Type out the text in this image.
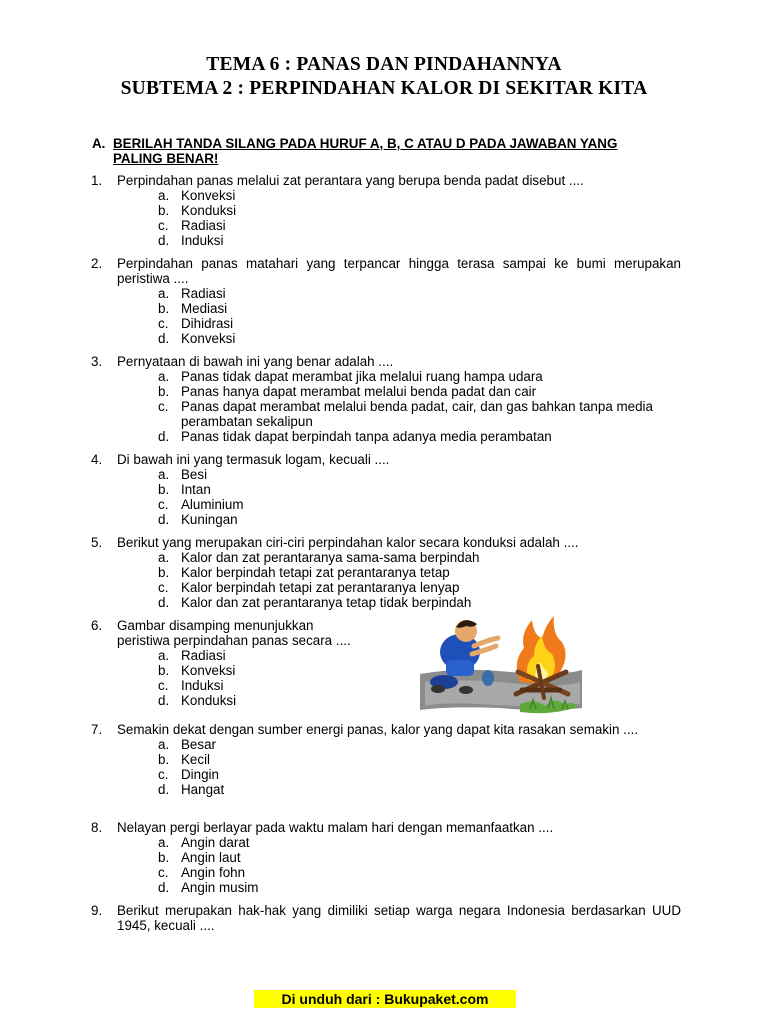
TEMA 6 : PANAS DAN PINDAHANNYA
SUBTEMA 2 : PERPINDAHAN KALOR DI SEKITAR KITA
A. BERILAH TANDA SILANG PADA HURUF A, B, C ATAU D PADA JAWABAN YANG PALING BENAR!
1. Perpindahan panas melalui zat perantara yang berupa benda padat disebut ....
a. Konveksi
b. Konduksi
c. Radiasi
d. Induksi
2. Perpindahan panas matahari yang terpancar hingga terasa sampai ke bumi merupakan peristiwa ....
a. Radiasi
b. Mediasi
c. Dihidrasi
d. Konveksi
3. Pernyataan di bawah ini yang benar adalah ....
a. Panas tidak dapat merambat jika melalui ruang hampa udara
b. Panas hanya dapat merambat melalui benda padat dan cair
c. Panas dapat merambat melalui benda padat, cair, dan gas bahkan tanpa media perambatan sekalipun
d. Panas tidak dapat berpindah tanpa adanya media perambatan
4. Di bawah ini yang termasuk logam, kecuali ....
a. Besi
b. Intan
c. Aluminium
d. Kuningan
5. Berikut yang merupakan ciri-ciri perpindahan kalor secara konduksi adalah ....
a. Kalor dan zat perantaranya sama-sama berpindah
b. Kalor berpindah tetapi zat perantaranya tetap
c. Kalor berpindah tetapi zat perantaranya lenyap
d. Kalor dan zat perantaranya tetap tidak berpindah
6. Gambar disamping menunjukkan
peristiwa perpindahan panas secara ....
a. Radiasi
b. Konveksi
c. Induksi
d. Konduksi
7. Semakin dekat dengan sumber energi panas, kalor yang dapat kita rasakan semakin ....
a. Besar
b. Kecil
c. Dingin
d. Hangat
8. Nelayan pergi berlayar pada waktu malam hari dengan memanfaatkan ....
a. Angin darat
b. Angin laut
c. Angin fohn
d. Angin musim
9. Berikut merupakan hak-hak yang dimiliki setiap warga negara Indonesia berdasarkan UUD 1945, kecuali ....
Di unduh dari : Bukupaket.com
